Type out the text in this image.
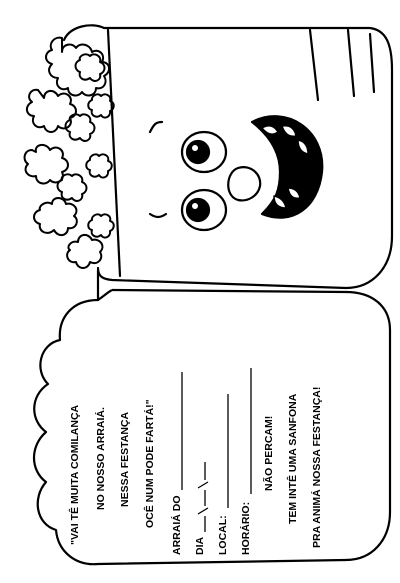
"VAI TÊ MUITA COMILANÇA NO NOSSO ARRAIÁ. NESSA FESTANÇA OCÊ NUM PODE FARTÁ!" ARRAIÁ DO DIA LOCAL: HORÁRIO:
NÃO PERCAM! TEM INTÊ UMA SANFONA PRA ANIMÁ NOSSA FESTANÇA!
